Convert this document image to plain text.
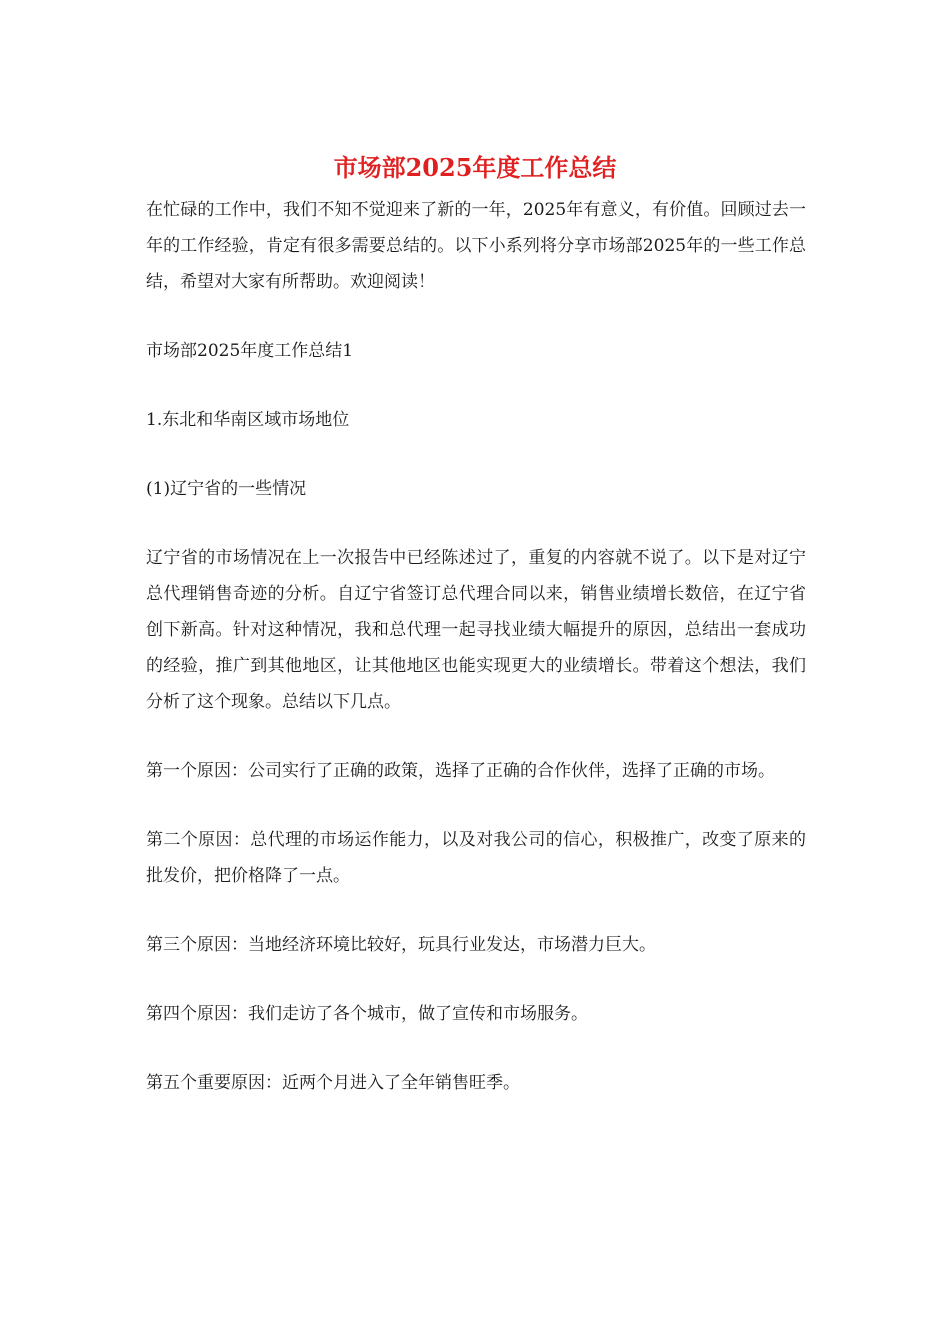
市场部2025年度工作总结

在忙碌的工作中，我们不知不觉迎来了新的一年，2025年有意义，有价值。回顾过去一年的工作经验，肯定有很多需要总结的。以下小系列将分享市场部2025年的一些工作总结，希望对大家有所帮助。欢迎阅读！

市场部2025年度工作总结1

1.东北和华南区域市场地位

(1)辽宁省的一些情况

辽宁省的市场情况在上一次报告中已经陈述过了，重复的内容就不说了。以下是对辽宁总代理销售奇迹的分析。自辽宁省签订总代理合同以来，销售业绩增长数倍，在辽宁省创下新高。针对这种情况，我和总代理一起寻找业绩大幅提升的原因，总结出一套成功的经验，推广到其他地区，让其他地区也能实现更大的业绩增长。带着这个想法，我们分析了这个现象。总结以下几点。

第一个原因：公司实行了正确的政策，选择了正确的合作伙伴，选择了正确的市场。

第二个原因：总代理的市场运作能力，以及对我公司的信心，积极推广，改变了原来的批发价，把价格降了一点。

第三个原因：当地经济环境比较好，玩具行业发达，市场潜力巨大。

第四个原因：我们走访了各个城市，做了宣传和市场服务。

第五个重要原因：近两个月进入了全年销售旺季。
